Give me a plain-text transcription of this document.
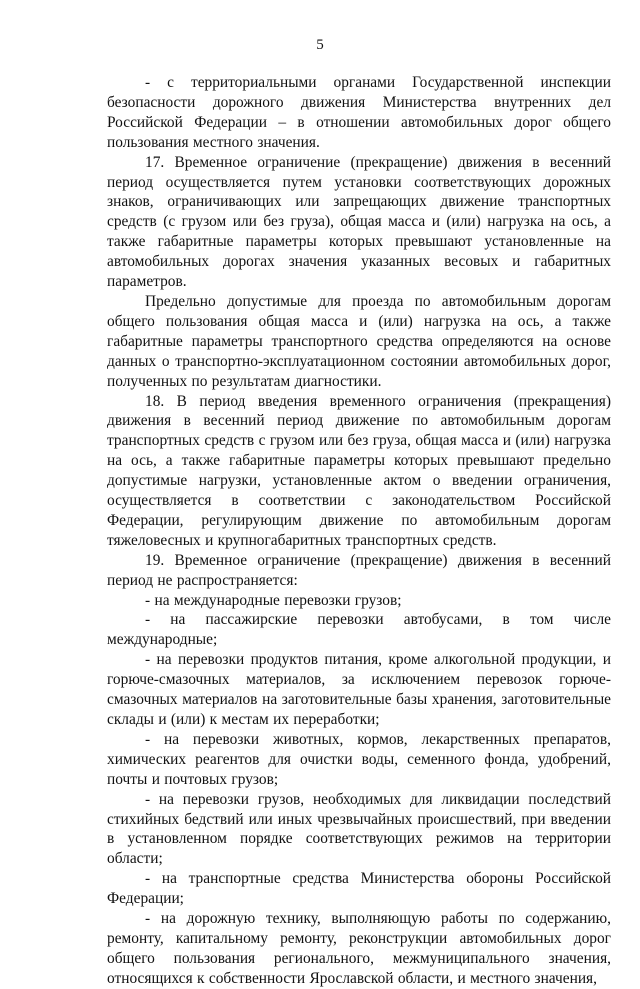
5

- с территориальными органами Государственной инспекции безопасности дорожного движения Министерства внутренних дел Российской Федерации – в отношении автомобильных дорог общего пользования местного значения.

17. Временное ограничение (прекращение) движения в весенний период осуществляется путем установки соответствующих дорожных знаков, ограничивающих или запрещающих движение транспортных средств (с грузом или без груза), общая масса и (или) нагрузка на ось, а также габаритные параметры которых превышают установленные на автомобильных дорогах значения указанных весовых и габаритных параметров.

Предельно допустимые для проезда по автомобильным дорогам общего пользования общая масса и (или) нагрузка на ось, а также габаритные параметры транспортного средства определяются на основе данных о транспортно-эксплуатационном состоянии автомобильных дорог, полученных по результатам диагностики.

18. В период введения временного ограничения (прекращения) движения в весенний период движение по автомобильным дорогам транспортных средств с грузом или без груза, общая масса и (или) нагрузка на ось, а также габаритные параметры которых превышают предельно допустимые нагрузки, установленные актом о введении ограничения, осуществляется в соответствии с законодательством Российской Федерации, регулирующим движение по автомобильным дорогам тяжеловесных и крупногабаритных транспортных средств.

19. Временное ограничение (прекращение) движения в весенний период не распространяется:

- на международные перевозки грузов;

- на пассажирские перевозки автобусами, в том числе международные;

- на перевозки продуктов питания, кроме алкогольной продукции, и горюче-смазочных материалов, за исключением перевозок горюче-смазочных материалов на заготовительные базы хранения, заготовительные склады и (или) к местам их переработки;

- на перевозки животных, кормов, лекарственных препаратов, химических реагентов для очистки воды, семенного фонда, удобрений, почты и почтовых грузов;

- на перевозки грузов, необходимых для ликвидации последствий стихийных бедствий или иных чрезвычайных происшествий, при введении в установленном порядке соответствующих режимов на территории области;

- на транспортные средства Министерства обороны Российской Федерации;

- на дорожную технику, выполняющую работы по содержанию, ремонту, капитальному ремонту, реконструкции автомобильных дорог общего пользования регионального, межмуниципального значения, относящихся к собственности Ярославской области, и местного значения,
